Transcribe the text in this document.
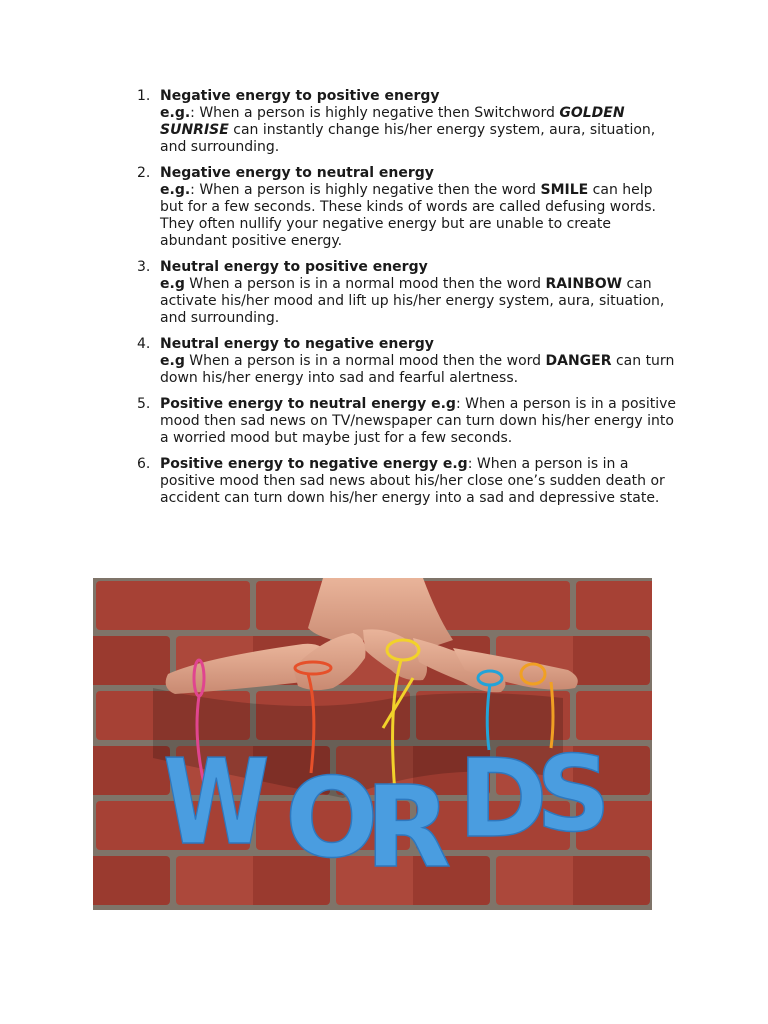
1. Negative energy to positive energy
e.g.: When a person is highly negative then Switchword GOLDEN SUNRISE can instantly change his/her energy system, aura, situation, and surrounding.
2. Negative energy to neutral energy
e.g.: When a person is highly negative then the word SMILE can help but for a few seconds. These kinds of words are called defusing words. They often nullify your negative energy but are unable to create abundant positive energy.
3. Neutral energy to positive energy
e.g When a person is in a normal mood then the word RAINBOW can activate his/her mood and lift up his/her energy system, aura, situation, and surrounding.
4. Neutral energy to negative energy
e.g When a person is in a normal mood then the word DANGER can turn down his/her energy into sad and fearful alertness.
5. Positive energy to neutral energy e.g: When a person is in a positive mood then sad news on TV/newspaper can turn down his/her energy into a worried mood but maybe just for a few seconds.
6. Positive energy to negative energy e.g: When a person is in a positive mood then sad news about his/her close one’s sudden death or accident can turn down his/her energy into a sad and depressive state.
W O
R D
S
